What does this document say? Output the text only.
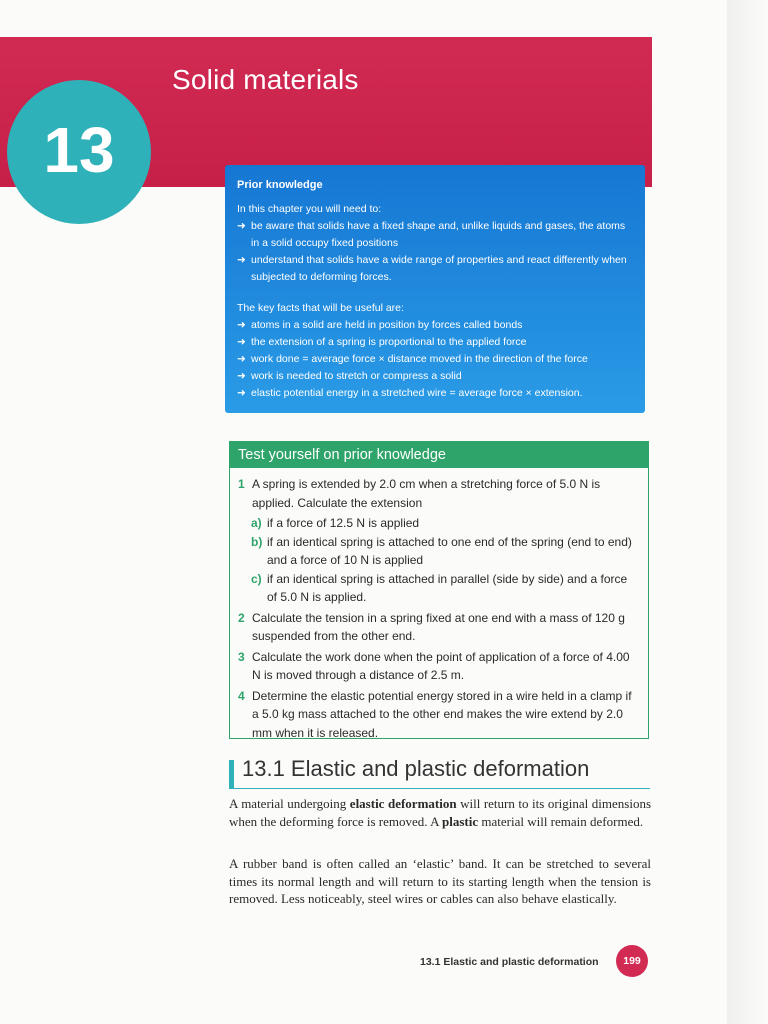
Solid materials
13	Prior knowledge

In this chapter you will need to:

➜ be aware that solids have a fixed shape and, unlike liquids and gases, the atoms in a solid occupy fixed positions
➜ understand that solids have a wide range of properties and react differently when subjected to deforming forces.

The key facts that will be useful are:

➜ atoms in a solid are held in position by forces called bonds
➜ the extension of a spring is proportional to the applied force
➜ work done = average force × distance moved in the direction of the force
➜ work is needed to stretch or compress a solid
➜ elastic potential energy in a stretched wire = average force × extension.
Test yourself on prior knowledge
1 A spring is extended by 2.0 cm when a stretching force of 5.0 N is applied. Calculate the extension
a) if a force of 12.5 N is applied
b) if an identical spring is attached to one end of the spring (end to end) and a force of 10 N is applied
c) if an identical spring is attached in parallel (side by side) and a force of 5.0 N is applied.
2 Calculate the tension in a spring fixed at one end with a mass of 120 g suspended from the other end.
3 Calculate the work done when the point of application of a force of 4.00 N is moved through a distance of 2.5 m.
4 Determine the elastic potential energy stored in a wire held in a clamp if a 5.0 kg mass attached to the other end makes the wire extend by 2.0 mm when it is released.
13.1 Elastic and plastic deformation

A material undergoing elastic deformation will return to its original dimensions when the deforming force is removed. A plastic material will remain deformed.

A rubber band is often called an ‘elastic’ band. It can be stretched to several times its normal length and will return to its starting length when the tension is removed. Less noticeably, steel wires or cables can also behave elastically.

13.1 Elastic and plastic deformation	199
